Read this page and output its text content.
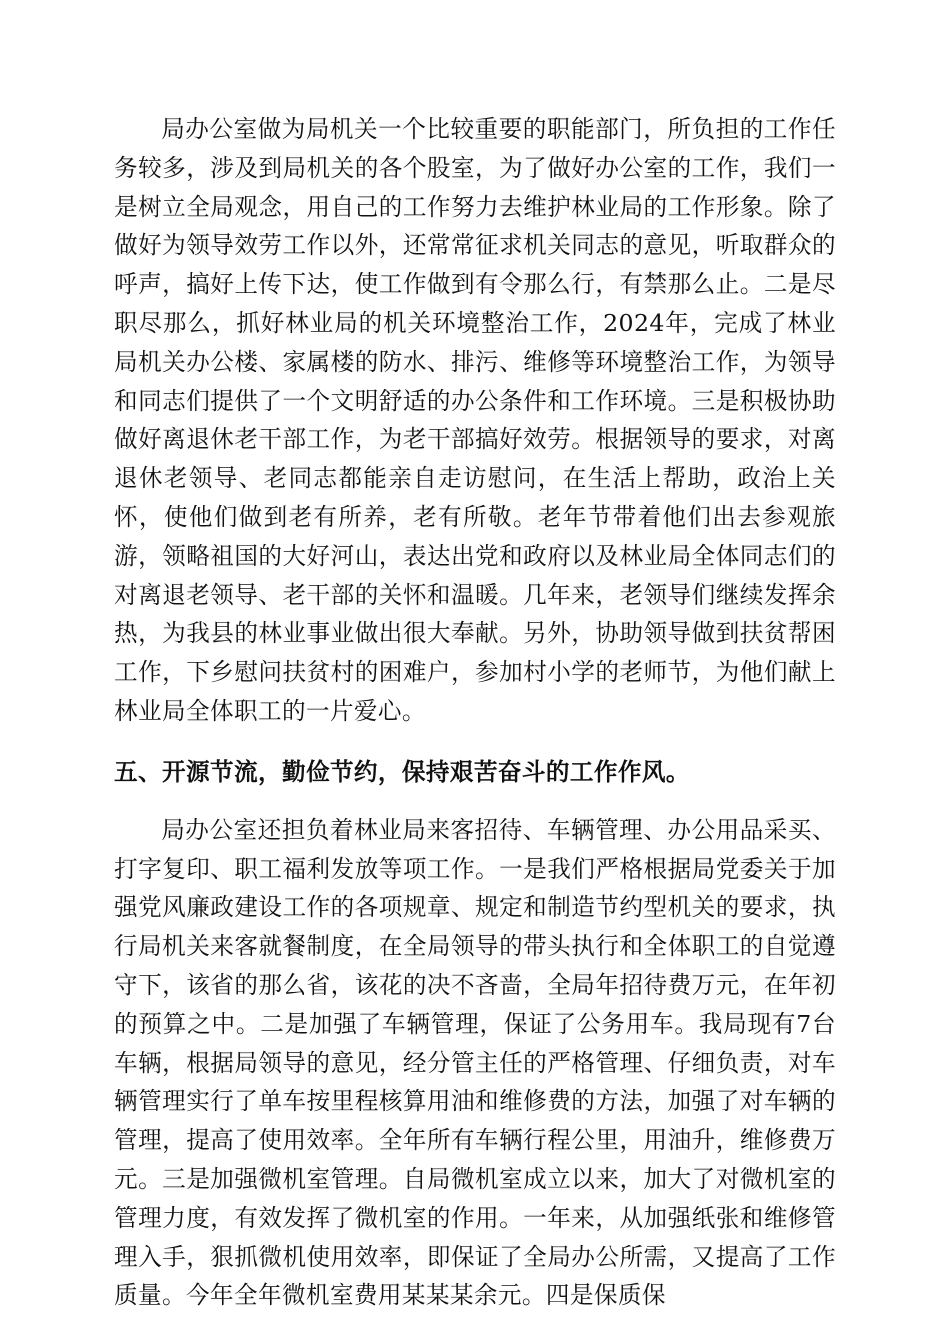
局办公室做为局机关一个比较重要的职能部门，所负担的工作任务较多，涉及到局机关的各个股室，为了做好办公室的工作，我们一是树立全局观念，用自己的工作努力去维护林业局的工作形象。除了做好为领导效劳工作以外，还常常征求机关同志的意见，听取群众的呼声，搞好上传下达，使工作做到有令那么行，有禁那么止。二是尽职尽那么，抓好林业局的机关环境整治工作，2024年，完成了林业局机关办公楼、家属楼的防水、排污、维修等环境整治工作，为领导和同志们提供了一个文明舒适的办公条件和工作环境。三是积极协助做好离退休老干部工作，为老干部搞好效劳。根据领导的要求，对离退休老领导、老同志都能亲自走访慰问，在生活上帮助，政治上关怀，使他们做到老有所养，老有所敬。老年节带着他们出去参观旅游，领略祖国的大好河山，表达出党和政府以及林业局全体同志们的对离退老领导、老干部的关怀和温暖。几年来，老领导们继续发挥余热，为我县的林业事业做出很大奉献。另外，协助领导做到扶贫帮困工作，下乡慰问扶贫村的困难户，参加村小学的老师节，为他们献上林业局全体职工的一片爱心。

五、开源节流，勤俭节约，保持艰苦奋斗的工作作风。

局办公室还担负着林业局来客招待、车辆管理、办公用品采买、打字复印、职工福利发放等项工作。一是我们严格根据局党委关于加强党风廉政建设工作的各项规章、规定和制造节约型机关的要求，执行局机关来客就餐制度，在全局领导的带头执行和全体职工的自觉遵守下，该省的那么省，该花的决不吝啬，全局年招待费万元，在年初的预算之中。二是加强了车辆管理，保证了公务用车。我局现有7台车辆，根据局领导的意见，经分管主任的严格管理、仔细负责，对车辆管理实行了单车按里程核算用油和维修费的方法，加强了对车辆的管理，提高了使用效率。全年所有车辆行程公里，用油升，维修费万元。三是加强微机室管理。自局微机室成立以来，加大了对微机室的管理力度，有效发挥了微机室的作用。一年来，从加强纸张和维修管理入手，狠抓微机使用效率，即保证了全局办公所需，又提高了工作质量。今年全年微机室费用某某某余元。四是保质保
